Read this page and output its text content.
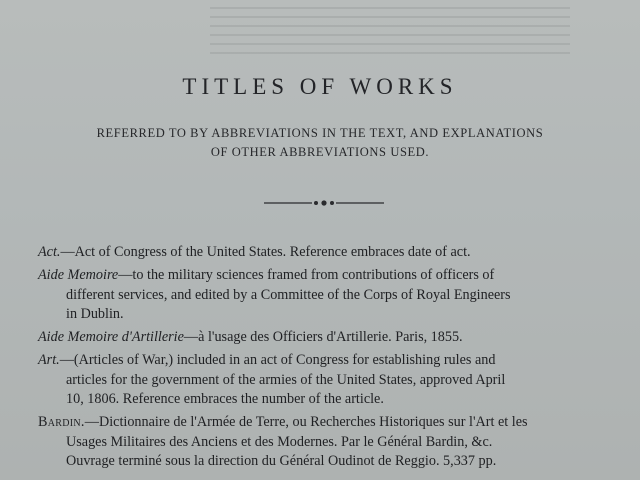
TITLES OF WORKS
REFERRED TO BY ABBREVIATIONS IN THE TEXT, AND EXPLANATIONS
OF OTHER ABBREVIATIONS USED.
Act.—Act of Congress of the United States. Reference embraces date of act.
Aide Memoire—to the military sciences framed from contributions of officers of
different services, and edited by a Committee of the Corps of Royal Engineers
in Dublin.
Aide Memoire d'Artillerie—à l'usage des Officiers d'Artillerie. Paris, 1855.
Art.—(Articles of War,) included in an act of Congress for establishing rules and
articles for the government of the armies of the United States, approved April
10, 1806. Reference embraces the number of the article.
Bardin.—Dictionnaire de l'Armée de Terre, ou Recherches Historiques sur l'Art et les
Usages Militaires des Anciens et des Modernes. Par le Général Bardin, &c.
Ouvrage terminé sous la direction du Général Oudinot de Reggio. 5,337 pp.
